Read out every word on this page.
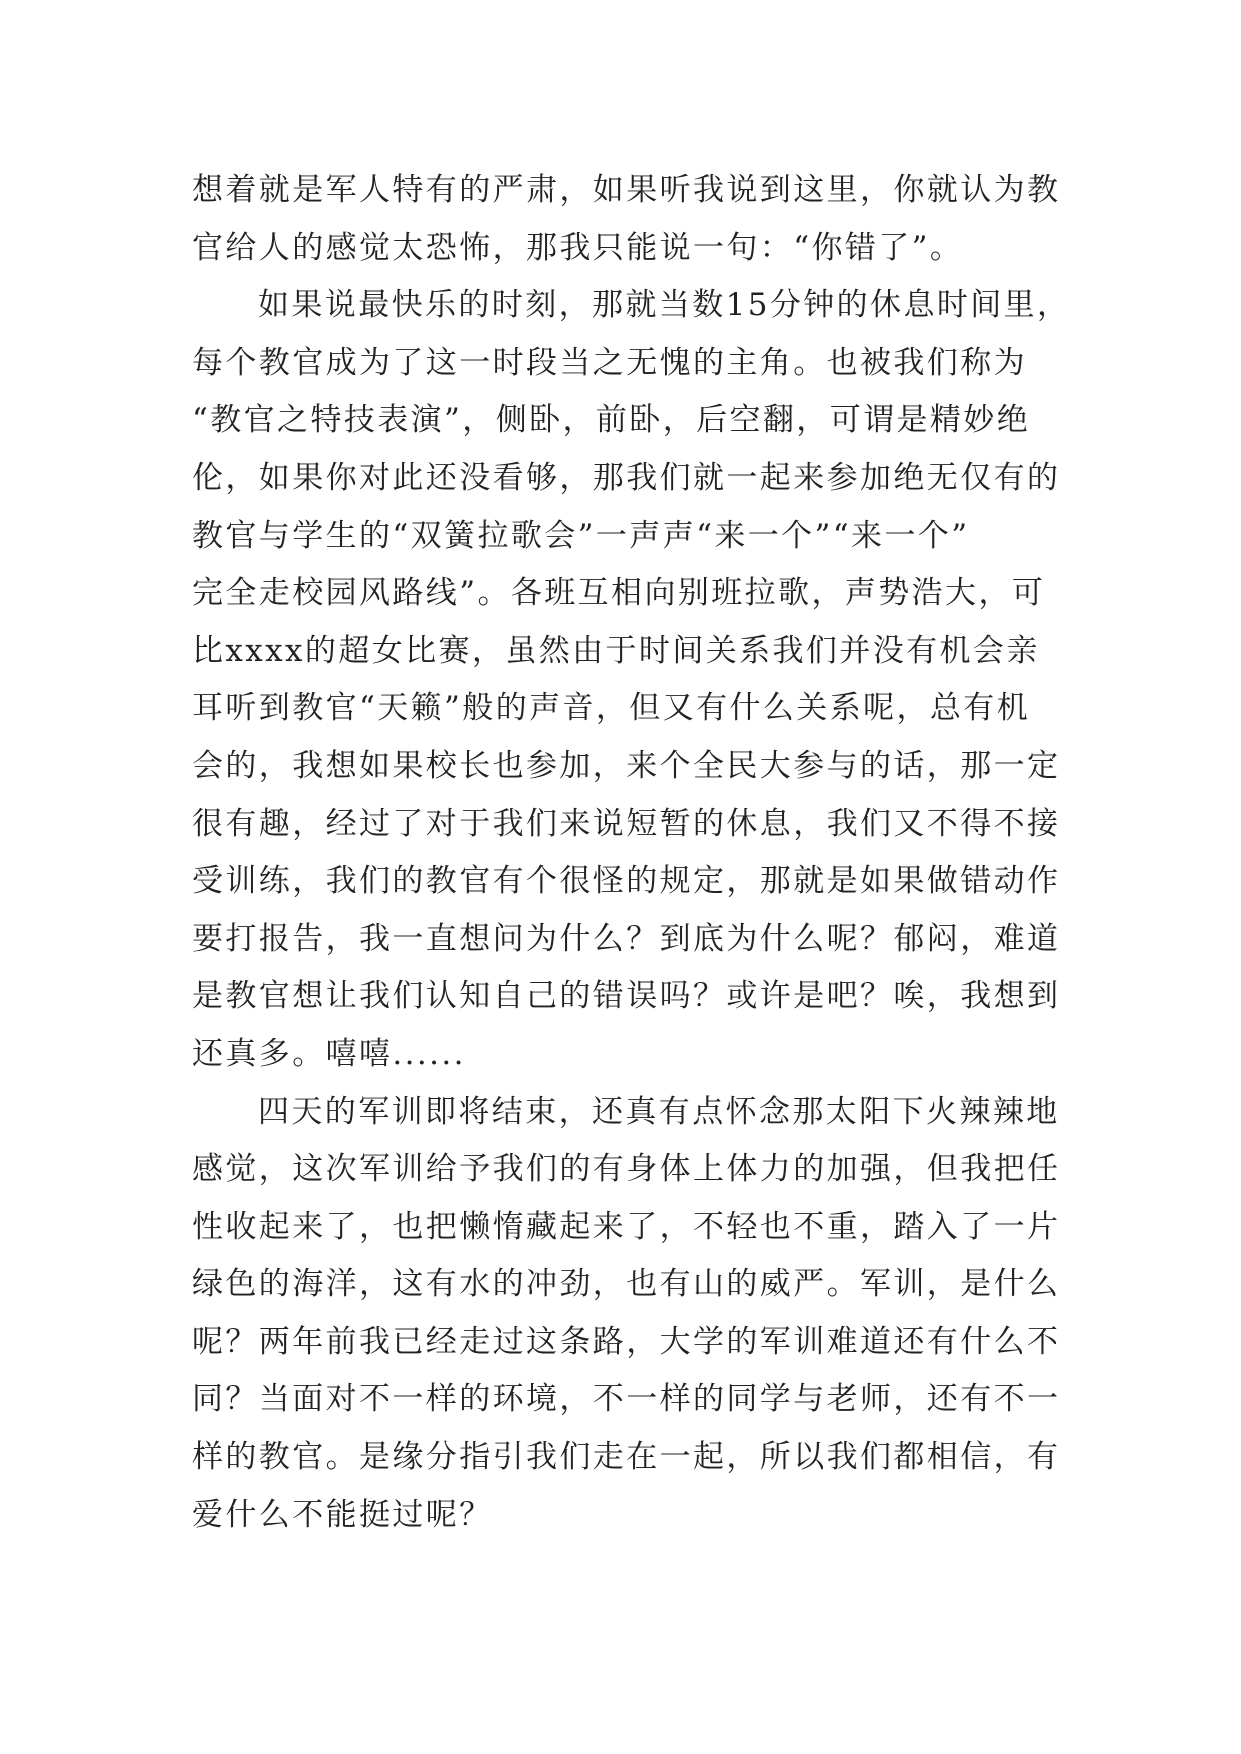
想着就是军人特有的严肃，如果听我说到这里，你就认为教
官给人的感觉太恐怖，那我只能说一句：“你错了”。
如果说最快乐的时刻，那就当数15分钟的休息时间里，
每个教官成为了这一时段当之无愧的主角。也被我们称为
“教官之特技表演”，侧卧，前卧，后空翻，可谓是精妙绝
伦，如果你对此还没看够，那我们就一起来参加绝无仅有的
教官与学生的“双簧拉歌会”一声声“来一个”“来一个”
完全走校园风路线”。各班互相向别班拉歌，声势浩大，可
比xxxx的超女比赛，虽然由于时间关系我们并没有机会亲
耳听到教官“天籁”般的声音，但又有什么关系呢，总有机
会的，我想如果校长也参加，来个全民大参与的话，那一定
很有趣，经过了对于我们来说短暂的休息，我们又不得不接
受训练，我们的教官有个很怪的规定，那就是如果做错动作
要打报告，我一直想问为什么？到底为什么呢？郁闷，难道
是教官想让我们认知自己的错误吗？或许是吧？唉，我想到
还真多。嘻嘻......
四天的军训即将结束，还真有点怀念那太阳下火辣辣地
感觉，这次军训给予我们的有身体上体力的加强，但我把任
性收起来了，也把懒惰藏起来了，不轻也不重，踏入了一片
绿色的海洋，这有水的冲劲，也有山的威严。军训，是什么
呢？两年前我已经走过这条路，大学的军训难道还有什么不
同？当面对不一样的环境，不一样的同学与老师，还有不一
样的教官。是缘分指引我们走在一起，所以我们都相信，有
爱什么不能挺过呢？
